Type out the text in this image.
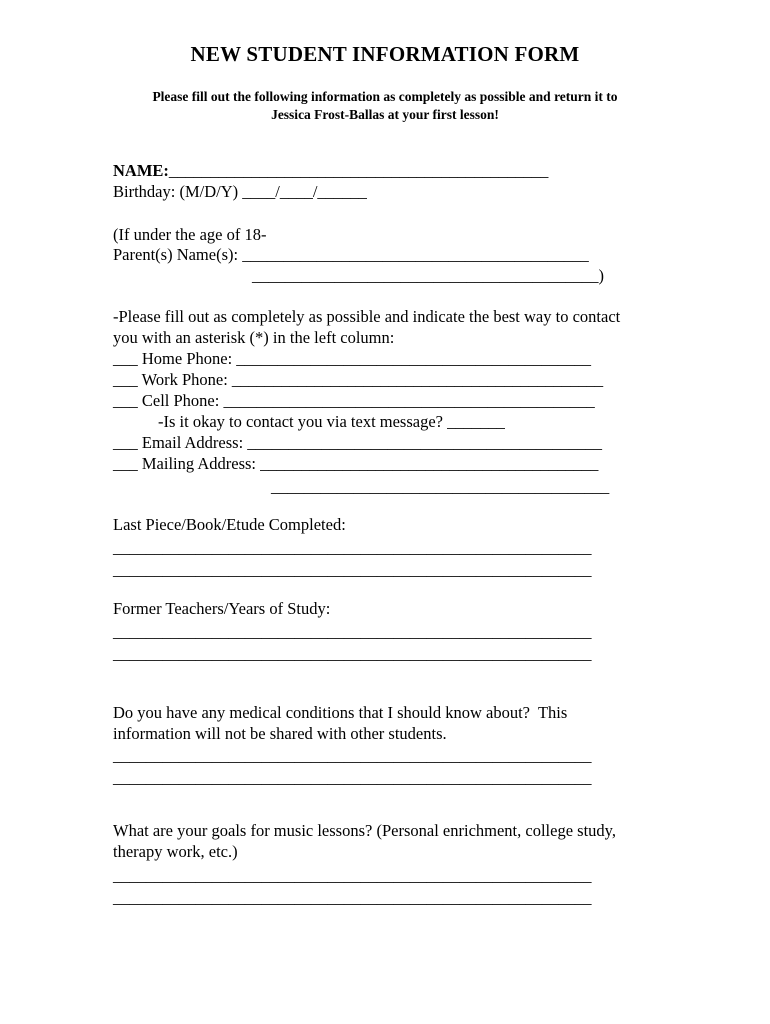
NEW STUDENT INFORMATION FORM
Please fill out the following information as completely as possible and return it to
Jessica Frost-Ballas at your first lesson!
NAME:______________________________________________
Birthday: (M/D/Y) ____/____/______
(If under the age of 18-
Parent(s) Name(s): __________________________________________
__________________________________________)
-Please fill out as completely as possible and indicate the best way to contact
you with an asterisk (*) in the left column:
___ Home Phone: ___________________________________________
___ Work Phone: _____________________________________________
___ Cell Phone: _____________________________________________
-Is it okay to contact you via text message? _______
___ Email Address: ___________________________________________
___ Mailing Address: _________________________________________
_________________________________________
Last Piece/Book/Etude Completed:
__________________________________________________________
__________________________________________________________
Former Teachers/Years of Study:
__________________________________________________________
__________________________________________________________
Do you have any medical conditions that I should know about?  This
information will not be shared with other students.
__________________________________________________________
__________________________________________________________
What are your goals for music lessons? (Personal enrichment, college study,
therapy work, etc.)
__________________________________________________________
__________________________________________________________
